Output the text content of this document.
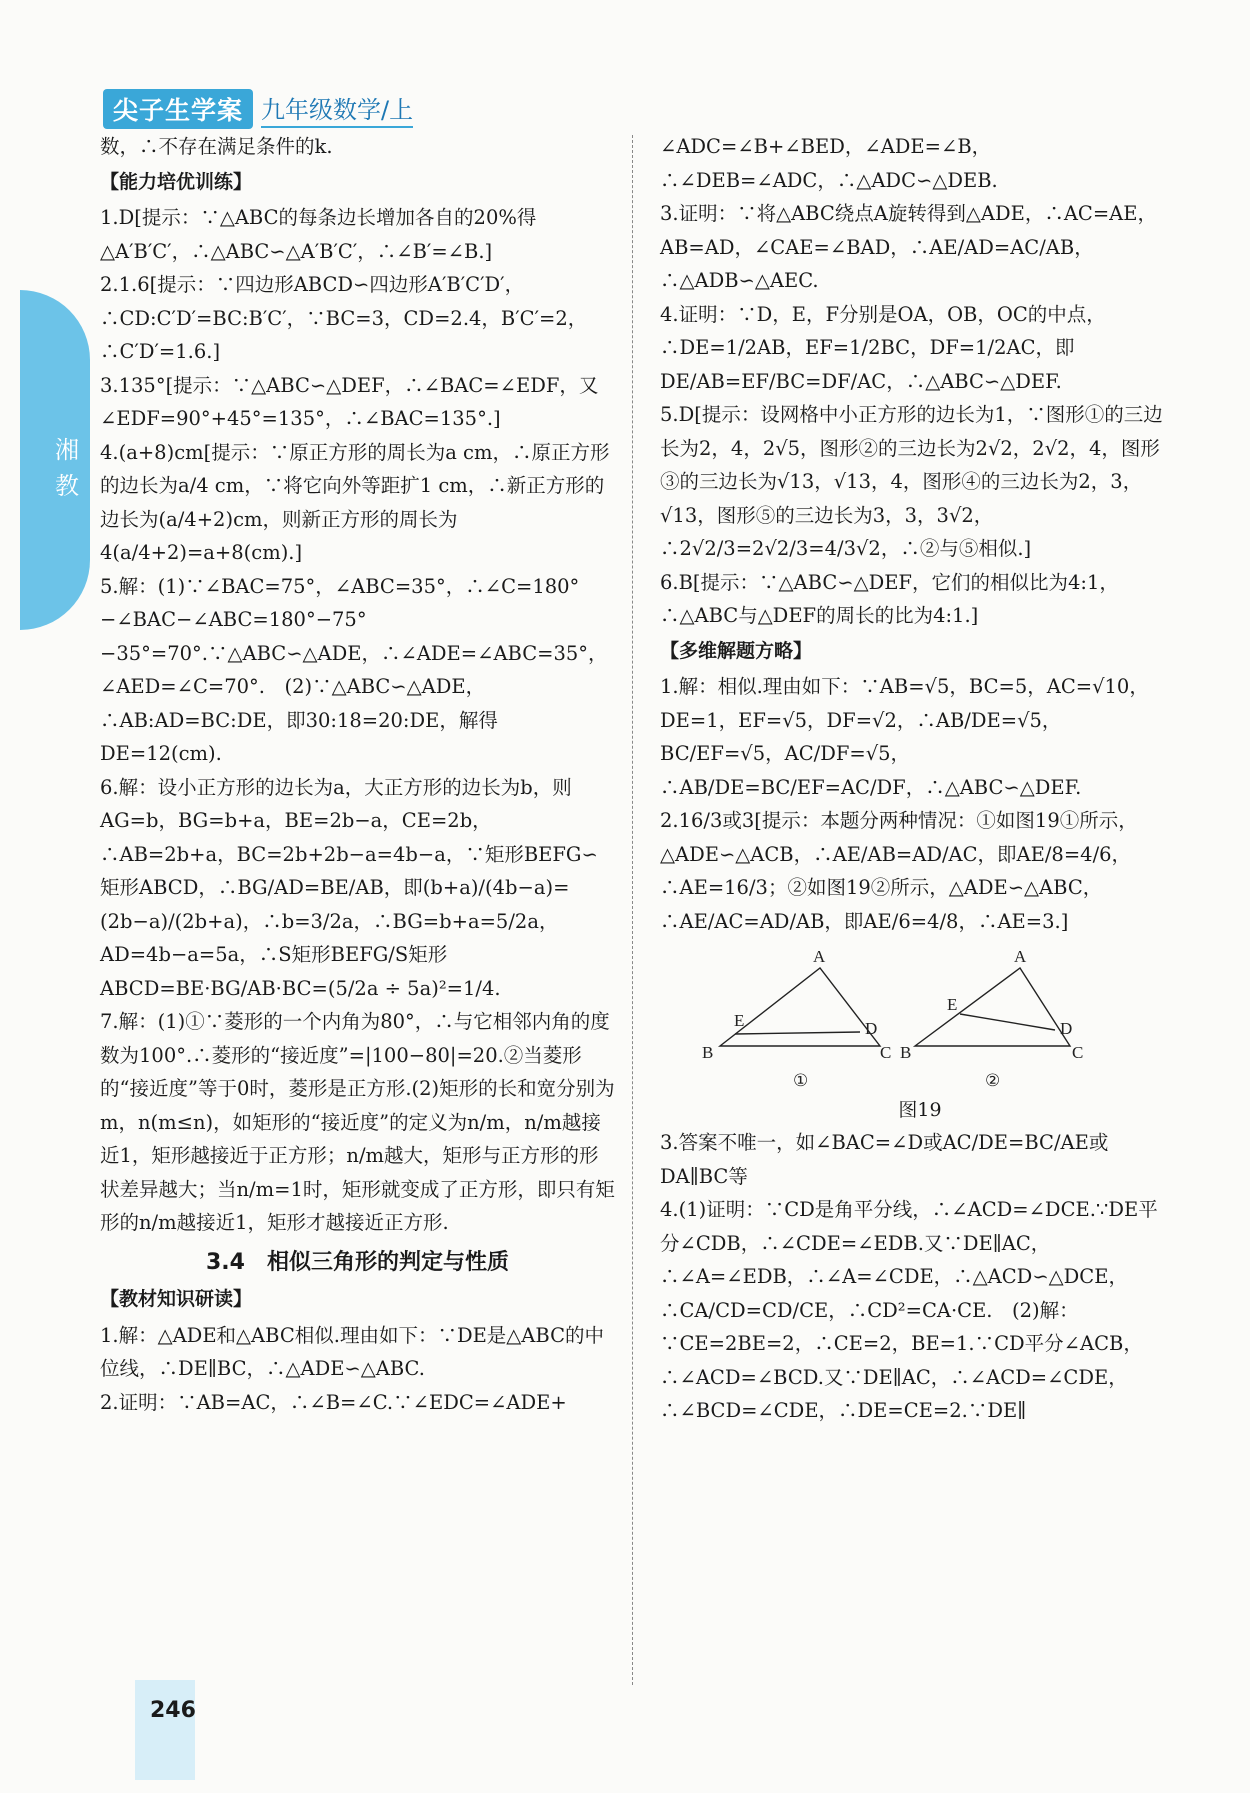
湘教
尖子生学案 九年级数学/上
数，∴不存在满足条件的k.
【能力培优训练】
1.D[提示：∵△ABC的每条边长增加各自的20%得△A′B′C′，∴△ABC∽△A′B′C′，∴∠B′=∠B.]
2.1.6[提示：∵四边形ABCD∽四边形A′B′C′D′，∴CD:C′D′=BC:B′C′，∵BC=3，CD=2.4，B′C′=2，∴C′D′=1.6.]
3.135°[提示：∵△ABC∽△DEF，∴∠BAC=∠EDF，又∠EDF=90°+45°=135°，∴∠BAC=135°.]
4.(a+8)cm[提示：∵原正方形的周长为a cm，∴原正方形的边长为a/4 cm，∵将它向外等距扩1 cm，∴新正方形的边长为(a/4+2)cm，则新正方形的周长为4(a/4+2)=a+8(cm).]
5.解：(1)∵∠BAC=75°，∠ABC=35°，∴∠C=180°−∠BAC−∠ABC=180°−75°−35°=70°.∵△ABC∽△ADE，∴∠ADE=∠ABC=35°，∠AED=∠C=70°.　(2)∵△ABC∽△ADE，∴AB:AD=BC:DE，即30:18=20:DE，解得DE=12(cm).
6.解：设小正方形的边长为a，大正方形的边长为b，则AG=b，BG=b+a，BE=2b−a，CE=2b，∴AB=2b+a，BC=2b+2b−a=4b−a，∵矩形BEFG∽矩形ABCD，∴BG/AD=BE/AB，即(b+a)/(4b−a)=(2b−a)/(2b+a)，∴b=3/2a，∴BG=b+a=5/2a，AD=4b−a=5a，∴S矩形BEFG/S矩形ABCD=BE·BG/AB·BC=(5/2a ÷ 5a)²=1/4.
7.解：(1)①∵菱形的一个内角为80°，∴与它相邻内角的度数为100°.∴菱形的“接近度”=|100−80|=20.②当菱形的“接近度”等于0时，菱形是正方形.(2)矩形的长和宽分别为m，n(m≤n)，如矩形的“接近度”的定义为n/m，n/m越接近1，矩形越接近于正方形；n/m越大，矩形与正方形的形状差异越大；当n/m=1时，矩形就变成了正方形，即只有矩形的n/m越接近1，矩形才越接近正方形.
3.4　相似三角形的判定与性质
【教材知识研读】
1.解：△ADE和△ABC相似.理由如下：∵DE是△ABC的中位线，∴DE∥BC，∴△ADE∽△ABC.
2.证明：∵AB=AC，∴∠B=∠C.∵∠EDC=∠ADE+
∠ADC=∠B+∠BED，∠ADE=∠B，∴∠DEB=∠ADC，∴△ADC∽△DEB.
3.证明：∵将△ABC绕点A旋转得到△ADE，∴AC=AE，AB=AD，∠CAE=∠BAD，∴AE/AD=AC/AB，∴△ADB∽△AEC.
4.证明：∵D，E，F分别是OA，OB，OC的中点，∴DE=1/2AB，EF=1/2BC，DF=1/2AC，即DE/AB=EF/BC=DF/AC，∴△ABC∽△DEF.
5.D[提示：设网格中小正方形的边长为1，∵图形①的三边长为2，4，2√5，图形②的三边长为2√2，2√2，4，图形③的三边长为√13，√13，4，图形④的三边长为2，3，√13，图形⑤的三边长为3，3，3√2，∴2√2/3=2√2/3=4/3√2，∴②与⑤相似.]
6.B[提示：∵△ABC∽△DEF，它们的相似比为4:1，∴△ABC与△DEF的周长的比为4:1.]
【多维解题方略】
1.解：相似.理由如下：∵AB=√5，BC=5，AC=√10，DE=1，EF=√5，DF=√2，∴AB/DE=√5，BC/EF=√5，AC/DF=√5，∴AB/DE=BC/EF=AC/DF，∴△ABC∽△DEF.
2.16/3或3[提示：本题分两种情况：①如图19①所示，△ADE∽△ACB，∴AE/AB=AD/AC，即AE/8=4/6，∴AE=16/3；②如图19②所示，△ADE∽△ABC，∴AE/AC=AD/AB，即AE/6=4/8，∴AE=3.]
A
B	C
D
E
A
B	C
D
E
①	②
图19
3.答案不唯一，如∠BAC=∠D或AC/DE=BC/AE或DA∥BC等
4.(1)证明：∵CD是角平分线，∴∠ACD=∠DCE.∵DE平分∠CDB，∴∠CDE=∠EDB.又∵DE∥AC，∴∠A=∠EDB，∴∠A=∠CDE，∴△ACD∽△DCE，∴CA/CD=CD/CE，∴CD²=CA·CE.　(2)解：∵CE=2BE=2，∴CE=2，BE=1.∵CD平分∠ACB，∴∠ACD=∠BCD.又∵DE∥AC，∴∠ACD=∠CDE，∴∠BCD=∠CDE，∴DE=CE=2.∵DE∥
246
